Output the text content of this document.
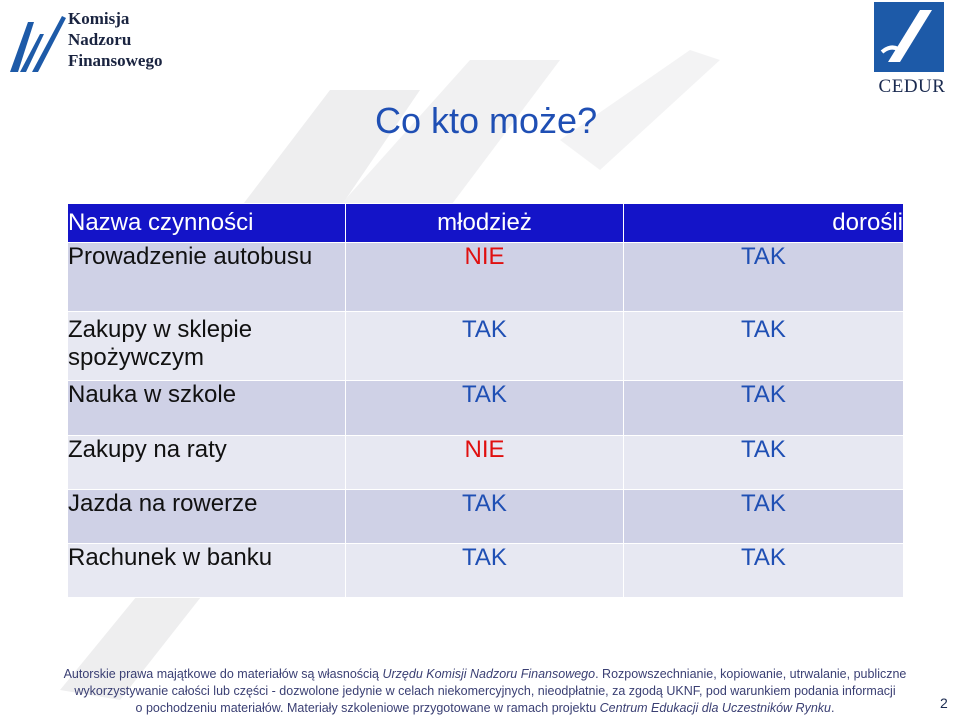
Komisja
Nadzoru
Finansowego
CEDUR
Co kto może?
Nazwa czynności	młodzież	dorośli
Prowadzenie autobusu	NIE	TAK
Zakupy w sklepie spożywczym	TAK	TAK
Nauka w szkole	TAK	TAK
Zakupy na raty	NIE	TAK
Jazda na rowerze	TAK	TAK
Rachunek w banku	TAK	TAK
Autorskie prawa majątkowe do materiałów są własnością Urzędu Komisji Nadzoru Finansowego. Rozpowszechnianie, kopiowanie, utrwalanie, publiczne
wykorzystywanie całości lub części - dozwolone jedynie w celach niekomercyjnych, nieodpłatnie, za zgodą UKNF, pod warunkiem podania informacji
o pochodzeniu materiałów. Materiały szkoleniowe przygotowane w ramach projektu Centrum Edukacji dla Uczestników Rynku.	2
